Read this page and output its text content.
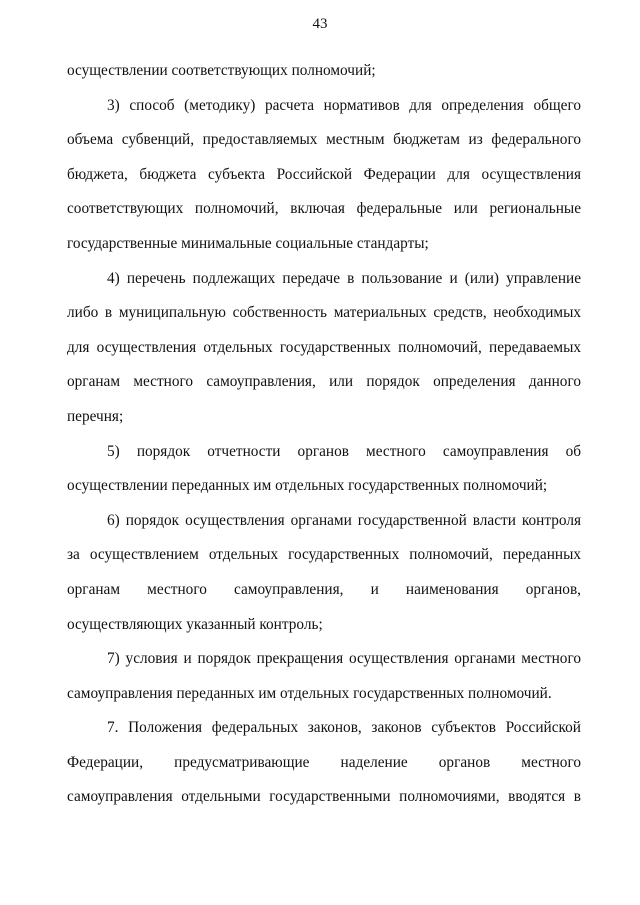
43
осуществлении соответствующих полномочий;
3) способ (методику) расчета нормативов для определения общего
объема субвенций, предоставляемых местным бюджетам из федерального
бюджета, бюджета субъекта Российской Федерации для осуществления
соответствующих полномочий, включая федеральные или региональные
государственные минимальные социальные стандарты;
4) перечень подлежащих передаче в пользование и (или) управление
либо в муниципальную собственность материальных средств, необходимых
для осуществления отдельных государственных полномочий, передаваемых
органам местного самоуправления, или порядок определения данного
перечня;
5) порядок отчетности органов местного самоуправления об
осуществлении переданных им отдельных государственных полномочий;
6) порядок осуществления органами государственной власти контроля
за осуществлением отдельных государственных полномочий, переданных
органам местного самоуправления, и наименования органов,
осуществляющих указанный контроль;
7) условия и порядок прекращения осуществления органами местного
самоуправления переданных им отдельных государственных полномочий.
7. Положения федеральных законов, законов субъектов Российской
Федерации, предусматривающие наделение органов местного
самоуправления отдельными государственными полномочиями, вводятся в
